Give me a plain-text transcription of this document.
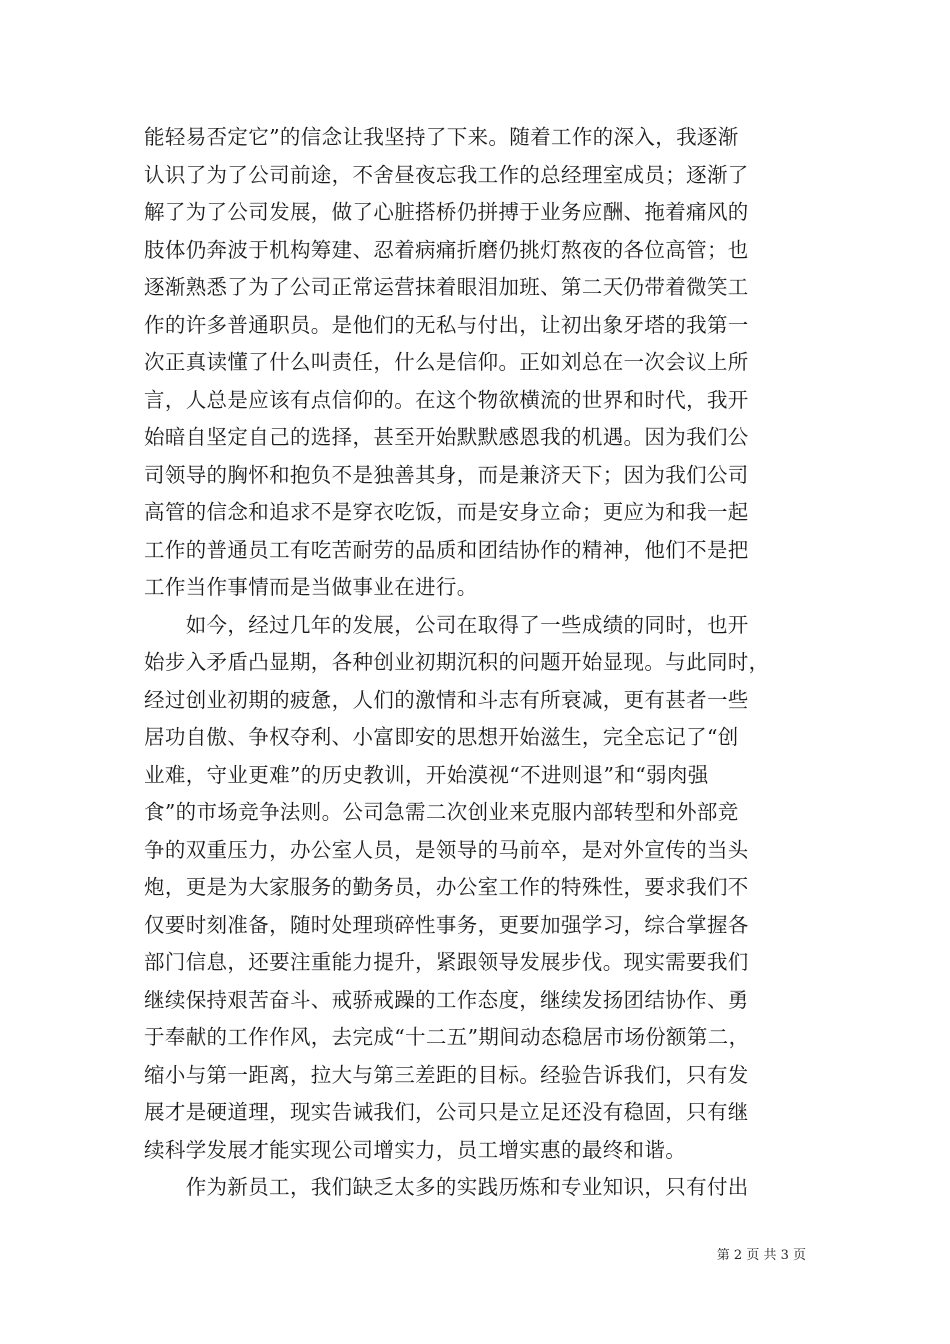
能轻易否定它”的信念让我坚持了下来。随着工作的深入，我逐渐
认识了为了公司前途，不舍昼夜忘我工作的总经理室成员；逐渐了
解了为了公司发展，做了心脏搭桥仍拼搏于业务应酬、拖着痛风的
肢体仍奔波于机构筹建、忍着病痛折磨仍挑灯熬夜的各位高管；也
逐渐熟悉了为了公司正常运营抹着眼泪加班、第二天仍带着微笑工
作的许多普通职员。是他们的无私与付出，让初出象牙塔的我第一
次正真读懂了什么叫责任，什么是信仰。正如刘总在一次会议上所
言，人总是应该有点信仰的。在这个物欲横流的世界和时代，我开
始暗自坚定自己的选择，甚至开始默默感恩我的机遇。因为我们公
司领导的胸怀和抱负不是独善其身，而是兼济天下；因为我们公司
高管的信念和追求不是穿衣吃饭，而是安身立命；更应为和我一起
工作的普通员工有吃苦耐劳的品质和团结协作的精神，他们不是把
工作当作事情而是当做事业在进行。
　　如今，经过几年的发展，公司在取得了一些成绩的同时，也开
始步入矛盾凸显期，各种创业初期沉积的问题开始显现。与此同时，
经过创业初期的疲惫，人们的激情和斗志有所衰减，更有甚者一些
居功自傲、争权夺利、小富即安的思想开始滋生，完全忘记了“创
业难，守业更难”的历史教训，开始漠视“不进则退”和“弱肉强
食”的市场竞争法则。公司急需二次创业来克服内部转型和外部竞
争的双重压力，办公室人员，是领导的马前卒，是对外宣传的当头
炮，更是为大家服务的勤务员，办公室工作的特殊性，要求我们不
仅要时刻准备，随时处理琐碎性事务，更要加强学习，综合掌握各
部门信息，还要注重能力提升，紧跟领导发展步伐。现实需要我们
继续保持艰苦奋斗、戒骄戒躁的工作态度，继续发扬团结协作、勇
于奉献的工作作风，去完成“十二五”期间动态稳居市场份额第二，
缩小与第一距离，拉大与第三差距的目标。经验告诉我们，只有发
展才是硬道理，现实告诫我们，公司只是立足还没有稳固，只有继
续科学发展才能实现公司增实力，员工增实惠的最终和谐。
　　作为新员工，我们缺乏太多的实践历炼和专业知识，只有付出
第 2 页 共 3 页
